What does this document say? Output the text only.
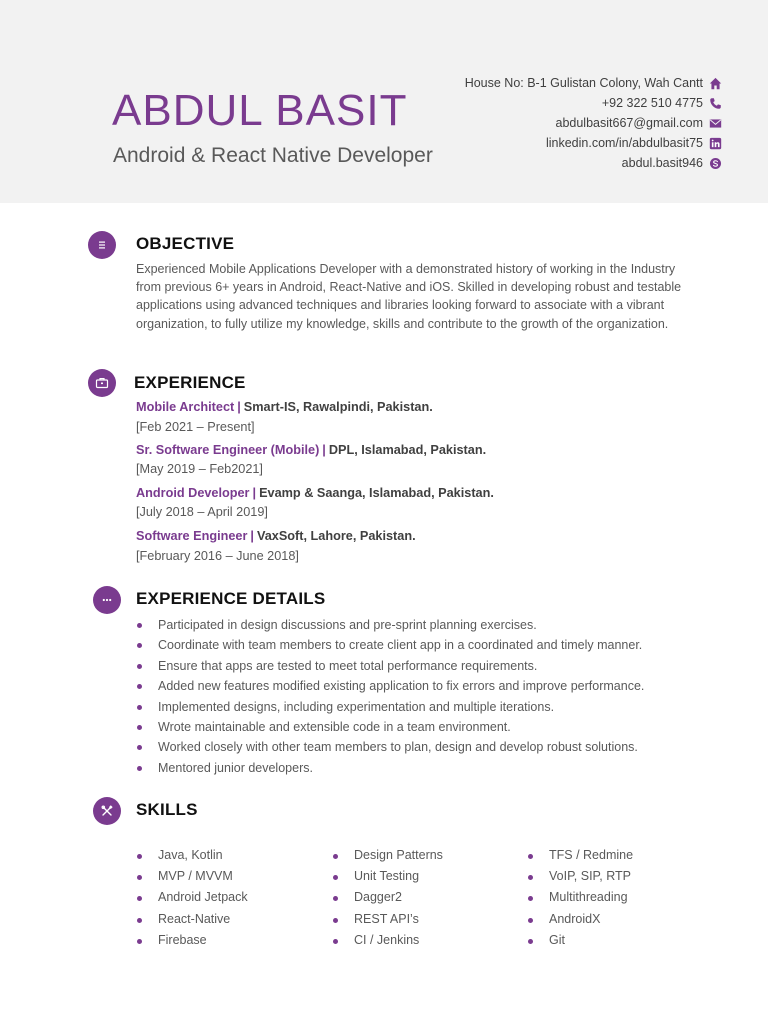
ABDUL BASIT
Android & React Native Developer
House No: B-1 Gulistan Colony, Wah Cantt
+92 322 510 4775
abdulbasit667@gmail.com
linkedin.com/in/abdulbasit75
abdul.basit946
OBJECTIVE
Experienced Mobile Applications Developer with a demonstrated history of working in the Industry from previous 6+ years in Android, React-Native and iOS. Skilled in developing robust and testable applications using advanced techniques and libraries looking forward to associate with a vibrant organization, to fully utilize my knowledge, skills and contribute to the growth of the organization.
EXPERIENCE
Mobile Architect | Smart-IS, Rawalpindi, Pakistan.
[Feb 2021 – Present]
Sr. Software Engineer (Mobile) | DPL, Islamabad, Pakistan.
[May 2019 – Feb2021]
Android Developer | Evamp & Saanga, Islamabad, Pakistan.
[July 2018 – April 2019]
Software Engineer | VaxSoft, Lahore, Pakistan.
[February 2016 – June 2018]
EXPERIENCE DETAILS
Participated in design discussions and pre-sprint planning exercises.
Coordinate with team members to create client app in a coordinated and timely manner.
Ensure that apps are tested to meet total performance requirements.
Added new features modified existing application to fix errors and improve performance.
Implemented designs, including experimentation and multiple iterations.
Wrote maintainable and extensible code in a team environment.
Worked closely with other team members to plan, design and develop robust solutions.
Mentored junior developers.
SKILLS
Java, Kotlin
MVP / MVVM
Android Jetpack
React-Native
Firebase
Design Patterns
Unit Testing
Dagger2
REST API’s
CI / Jenkins
TFS / Redmine
VoIP, SIP, RTP
Multithreading
AndroidX
Git
